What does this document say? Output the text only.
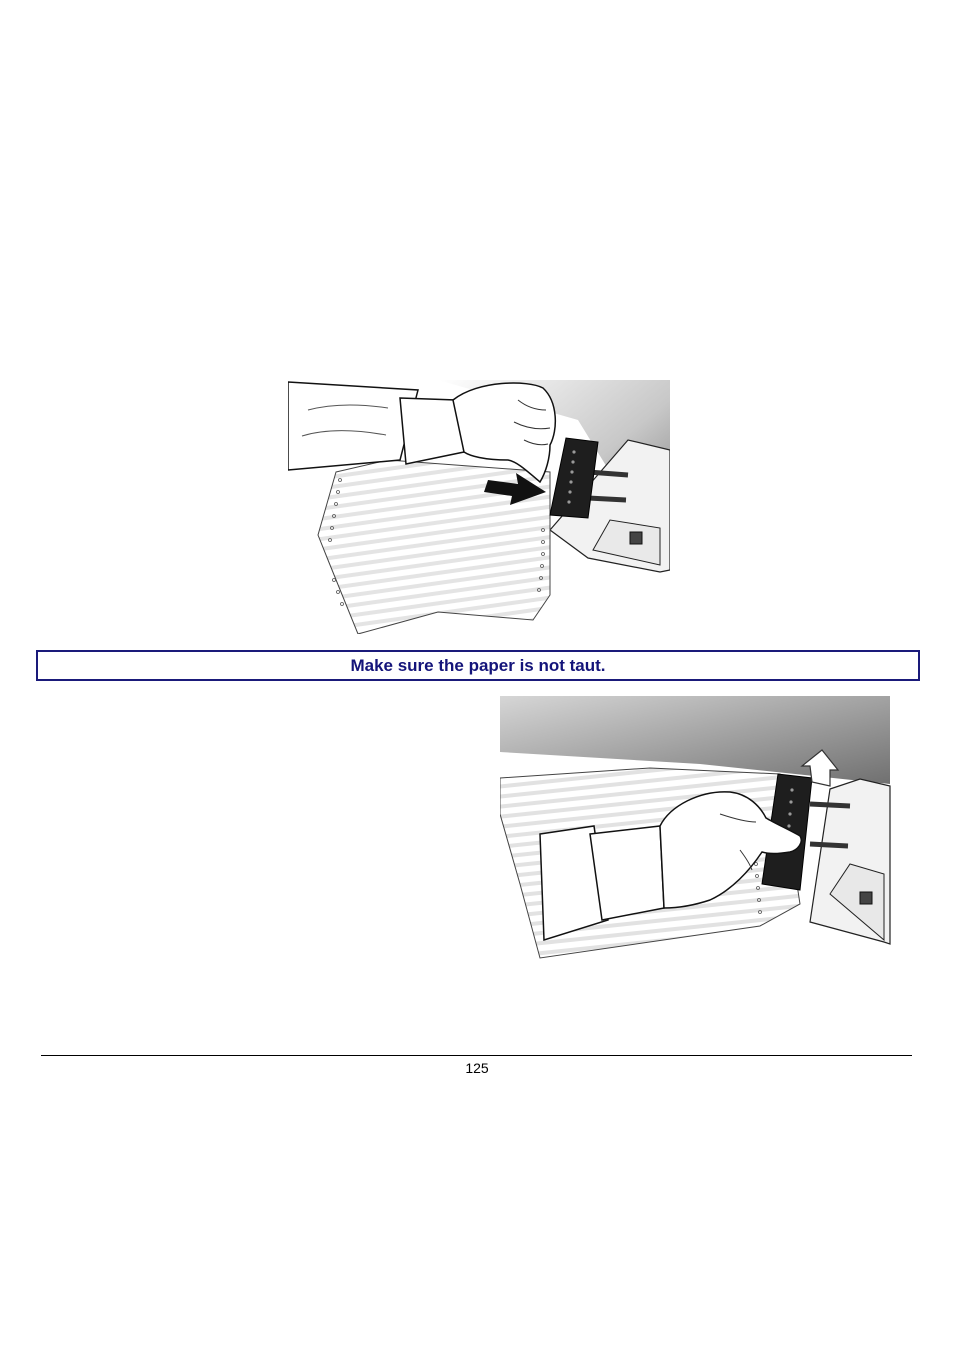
Make sure the paper is not taut.
125
